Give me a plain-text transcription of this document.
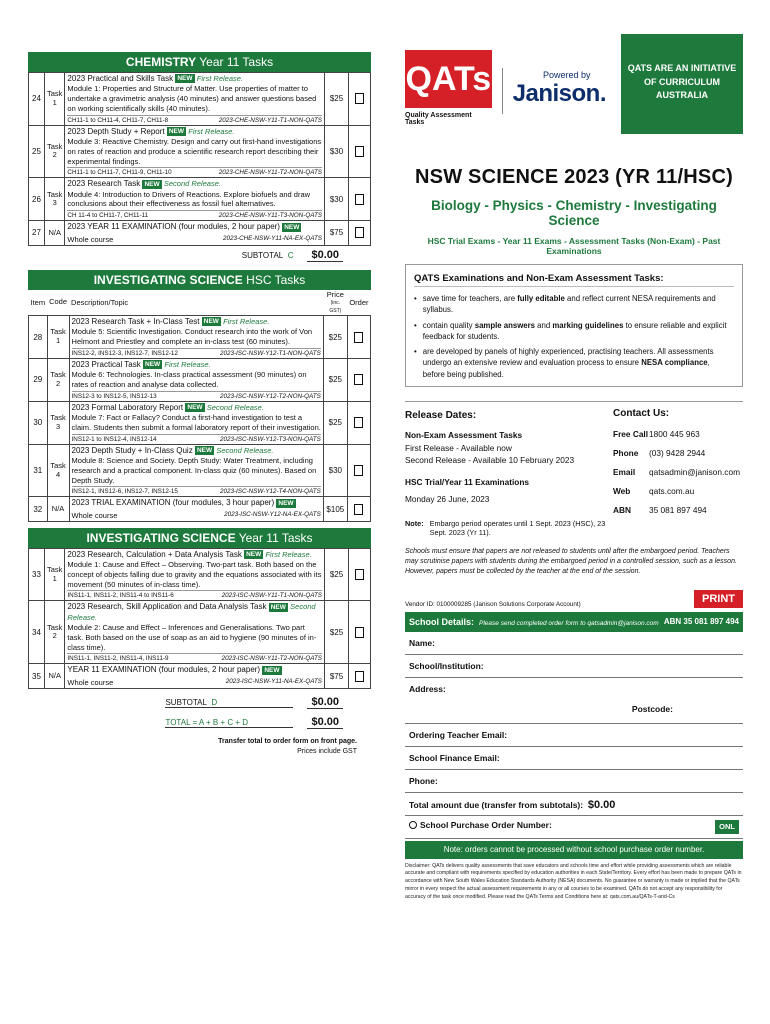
CHEMISTRY Year 11 Tasks
24	Task 1	2023 Practical and Skills Task NEW First Release.
Module 1: Properties and Structure of Matter. Use properties of matter to undertake a gravimetric analysis (40 minutes) and answer questions based on working scientifically skills (40 minutes).
CH11-1 to CH11-4, CH11-7, CH11-8 2023-CHE-NSW-Y11-T1-NON-QATS	$25	
25	Task 2	2023 Depth Study + Report NEW First Release.
Module 3: Reactive Chemistry. Design and carry out first-hand investigations on rates of reaction and produce a scientific research report describing their experimental findings.
CH11-1 to CH11-7, CH11-9, CH11-10 2023-CHE-NSW-Y11-T2-NON-QATS	$30	
26	Task 3	2023 Research Task NEW Second Release.
Module 4: Introduction to Drivers of Reactions. Explore biofuels and draw conclusions about their effectiveness as fossil fuel alternatives.
CH 11-4 to CH11-7, CH11-11 2023-CHE-NSW-Y11-T3-NON-QATS	$30	
27	N/A	2023 YEAR 11 EXAMINATION (four modules, 2 hour paper) NEW
Whole course 2023-CHE-NSW-Y11-NA-EX-QATS	$75	
SUBTOTAL C	$0.00
INVESTIGATING SCIENCE HSC Tasks
Item	Code	Description/Topic	Price
(inc. GST)	Order
28	Task 1	2023 Research Task + In-Class Test NEW First Release.
Module 5: Scientific Investigation. Conduct research into the work of Von Helmont and Priestley and complete an in-class test (60 minutes).
INS12-2, INS12-3, INS12-7, INS12-12 2023-ISC-NSW-Y12-T1-NON-QATS	$25	
29	Task 2	2023 Practical Task NEW First Release.
Module 6: Technologies. In-class practical assessment (90 minutes) on rates of reaction and analyse data collected.
INS12-3 to INS12-5, INS12-13 2023-ISC-NSW-Y12-T2-NON-QATS	$25	
30	Task 3	2023 Formal Laboratory Report NEW Second Release.
Module 7: Fact or Fallacy? Conduct a first-hand investigation to test a claim. Students then submit a formal laboratory report of their investigation.
INS12-1 to INS12-4, INS12-14 2023-ISC-NSW-Y12-T3-NON-QATS	$25	
31	Task 4	2023 Depth Study + In-Class Quiz NEW Second Release.
Module 8: Science and Society. Depth Study: Water Treatment, including research and a practical component. In-class quiz (60 minutes). Based on Depth Study.
INS12-1, INS12-6, INS12-7, INS12-15 2023-ISC-NSW-Y12-T4-NON-QATS	$30	
32	N/A	2023 TRIAL EXAMINATION (four modules, 3 hour paper) NEW
Whole course 2023-ISC-NSW-Y12-NA-EX-QATS	$105	
INVESTIGATING SCIENCE Year 11 Tasks
33	Task 1	2023 Research, Calculation + Data Analysis Task NEW First Release.
Module 1: Cause and Effect – Observing. Two-part task. Both based on the concept of objects falling due to gravity and the equations associated with its movement (50 minutes of in-class time).
INS11-1, INS11-2, INS11-4 to INS11-6 2023-ISC-NSW-Y11-T1-NON-QATS	$25	
34	Task 2	2023 Research, Skill Application and Data Analysis Task NEW Second Release.
Module 2: Cause and Effect – Inferences and Generalisations. Two part task. Both based on the use of soap as an aid to hygiene (90 minutes of in-class time).
INS11-1, INS11-2, INS11-4, INS11-9 2023-ISC-NSW-Y11-T2-NON-QATS	$25	
35	N/A	YEAR 11 EXAMINATION (four modules, 2 hour paper) NEW
Whole course 2023-ISC-NSW-Y11-NA-EX-QATS	$75	
SUBTOTAL D	$0.00
TOTAL = A + B + C + D	$0.00
Transfer total to order form on front page.
Prices include GST
QATs
Quality Assessment Tasks
Powered by
Janison.
QATS ARE AN INITIATIVE OF CURRICULUM AUSTRALIA
NSW SCIENCE 2023 (YR 11/HSC)
Biology - Physics - Chemistry - Investigating Science
HSC Trial Exams - Year 11 Exams - Assessment Tasks (Non-Exam) - Past Examinations
QATS Examinations and Non-Exam Assessment Tasks:
• save time for teachers, are fully editable and reflect current NESA requirements and syllabus.
• contain quality sample answers and marking guidelines to ensure reliable and explicit feedback for students.
• are developed by panels of highly experienced, practising teachers. All assessments undergo an extensive review and evaluation process to ensure NESA compliance, before being published.
Release Dates:
Non-Exam Assessment Tasks
First Release - Available now
Second Release - Available 10 February 2023
HSC Trial/Year 11 Examinations
Monday 26 June, 2023
Contact Us:
Free Call 1800 445 963
Phone	(03) 9428 2944
Email	qatsadmin@janison.com
Web	qats.com.au
ABN	35 081 897 494
Note: Embargo period operates until 1 Sept. 2023 (HSC), 23 Sept. 2023 (Yr 11).
Schools must ensure that papers are not released to students until after the embargoed period. Teachers may scrutinise papers with students during the embargoed period in a controlled session, such as a lesson. However, papers must be collected by the teacher at the end of the session.
Vendor ID: 0100009285 (Janison Solutions Corporate Account)	PRINT
School Details: Please send completed order form to qatsadmin@janison.com ABN 35 081 897 494
Name:
School/Institution:
Address:
Postcode:
Ordering Teacher Email:
School Finance Email:
Phone:
Total amount due (transfer from subtotals): $0.00
School Purchase Order Number:	ONL
Note: orders cannot be processed without school purchase order number.
Disclaimer: QATs delivers quality assessments that save educators and schools time and effort while providing assessments which are reliable accurate and compliant with requirements specified by education authorities in each State/Territory. Every effort has been made to prepare QATs in accordance with New South Wales Education Standards Authority (NESA) documents. No guarantee or warranty is made or implied that the QATs mirror in every respect the actual assessment requirements in any or all courses to be examined. QATs do not accept any responsibility for accuracy of the task once modified. Please read the QATs Terms and Conditions here at: qats.com.au/QATs-T-and-Cs
